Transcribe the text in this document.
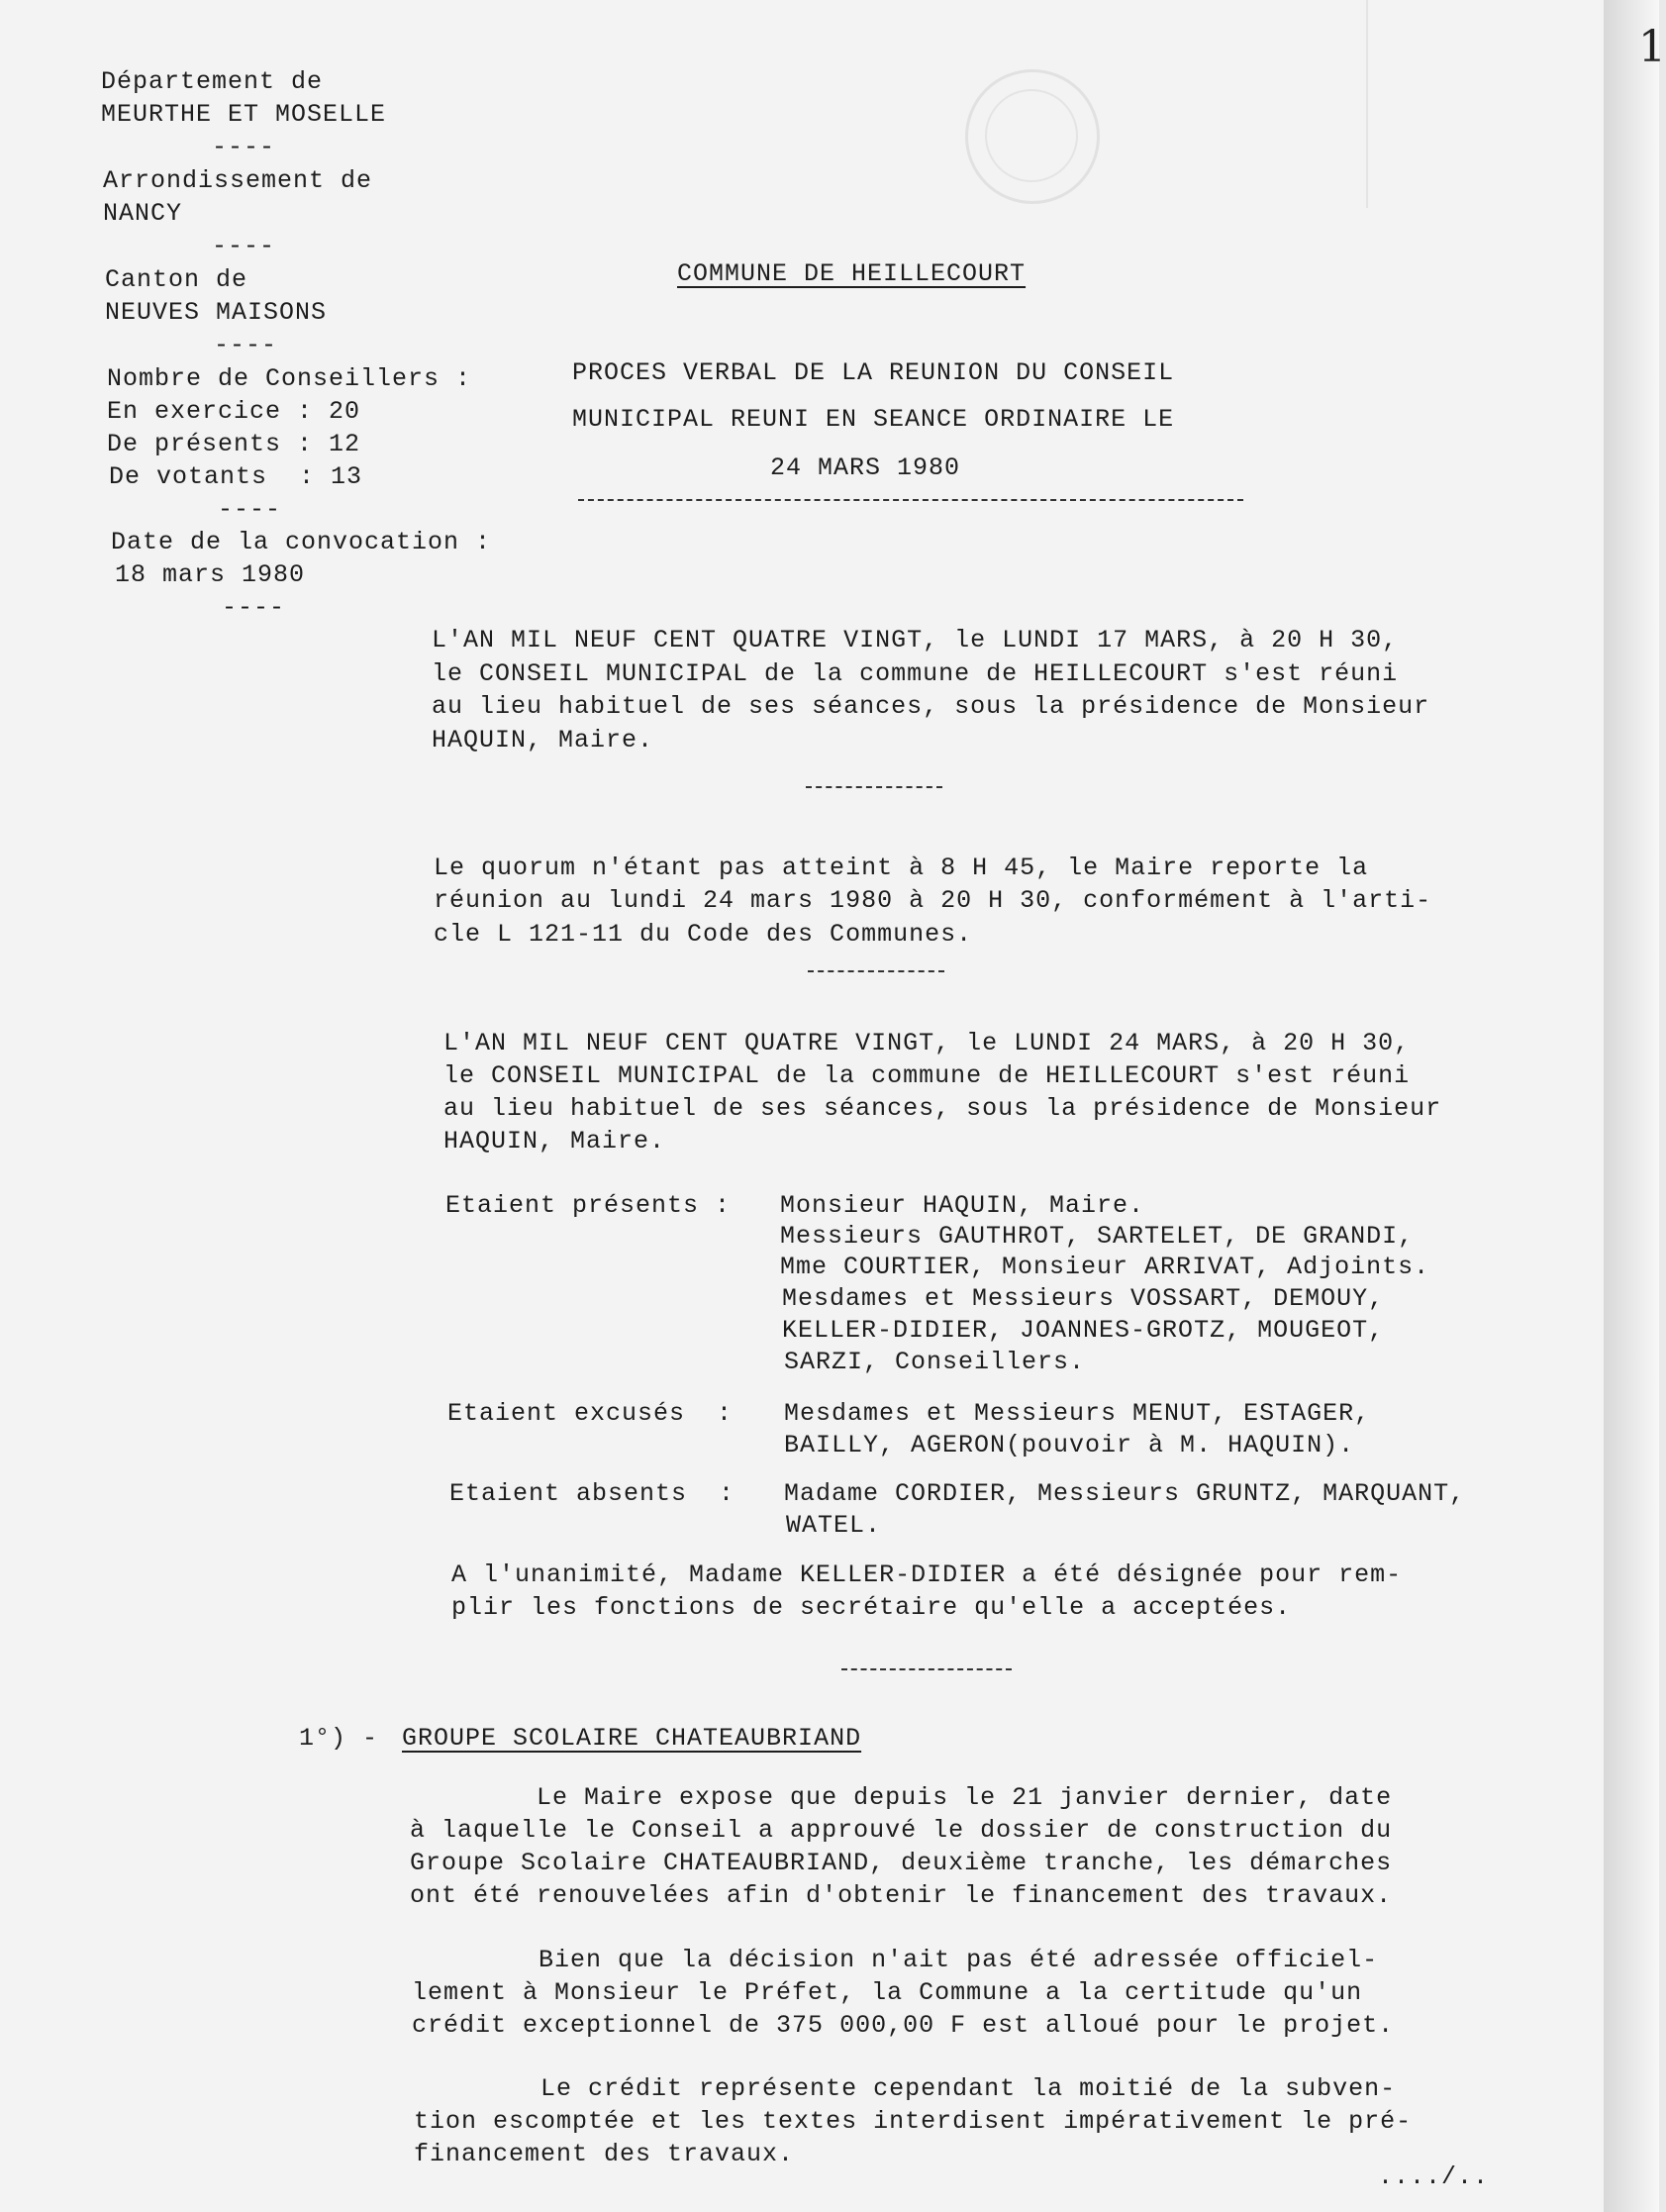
1
Département de
MEURTHE ET MOSELLE
----
Arrondissement de
NANCY
----
Canton de
NEUVES MAISONS
----
Nombre de Conseillers :
En exercice : 20
De présents : 12
De votants  : 13
----
Date de la convocation :
18 mars 1980
----
COMMUNE DE HEILLECOURT
PROCES VERBAL DE LA REUNION DU CONSEIL
MUNICIPAL REUNI EN SEANCE ORDINAIRE LE
24 MARS 1980
L'AN MIL NEUF CENT QUATRE VINGT, le LUNDI 17 MARS, à 20 H 30,
le CONSEIL MUNICIPAL de la commune de HEILLECOURT s'est réuni
au lieu habituel de ses séances, sous la présidence de Monsieur
HAQUIN, Maire.
Le quorum n'étant pas atteint à 8 H 45, le Maire reporte la
réunion au lundi 24 mars 1980 à 20 H 30, conformément à l'arti-
cle L 121-11 du Code des Communes.
L'AN MIL NEUF CENT QUATRE VINGT, le LUNDI 24 MARS, à 20 H 30,
le CONSEIL MUNICIPAL de la commune de HEILLECOURT s'est réuni
au lieu habituel de ses séances, sous la présidence de Monsieur
HAQUIN, Maire.
Etaient présents : Monsieur HAQUIN, Maire.
Messieurs GAUTHROT, SARTELET, DE GRANDI,
Mme COURTIER, Monsieur ARRIVAT, Adjoints.
Mesdames et Messieurs VOSSART, DEMOUY,
KELLER-DIDIER, JOANNES-GROTZ, MOUGEOT,
SARZI, Conseillers.
Etaient excusés  : Mesdames et Messieurs MENUT, ESTAGER,
BAILLY, AGERON(pouvoir à M. HAQUIN).
Etaient absents  : Madame CORDIER, Messieurs GRUNTZ, MARQUANT,
WATEL.
A l'unanimité, Madame KELLER-DIDIER a été désignée pour rem-
plir les fonctions de secrétaire qu'elle a acceptées.
1°) - GROUPE SCOLAIRE CHATEAUBRIAND
Le Maire expose que depuis le 21 janvier dernier, date
à laquelle le Conseil a approuvé le dossier de construction du
Groupe Scolaire CHATEAUBRIAND, deuxième tranche, les démarches
ont été renouvelées afin d'obtenir le financement des travaux.
Bien que la décision n'ait pas été adressée officiel-
lement à Monsieur le Préfet, la Commune a la certitude qu'un
crédit exceptionnel de 375 000,00 F est alloué pour le projet.
Le crédit représente cependant la moitié de la subven-
tion escomptée et les textes interdisent impérativement le pré-
financement des travaux.
..../..
